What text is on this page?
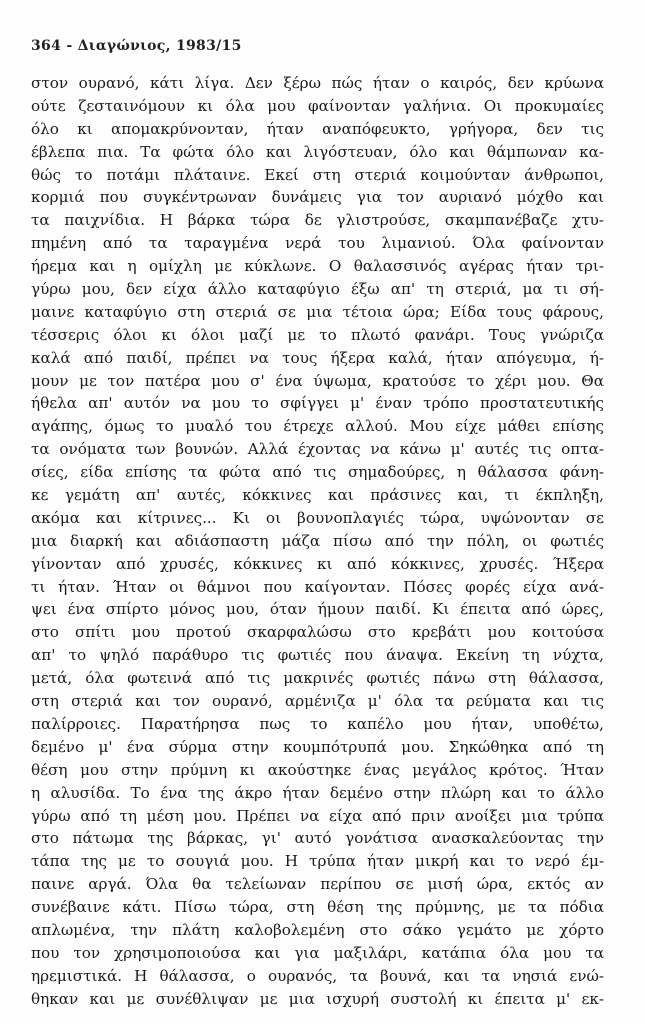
364 - Διαγώνιος, 1983/15
στον ουρανό, κάτι λίγα. Δεν ξέρω πώς ήταν ο καιρός, δεν κρύωνα
ούτε ζεσταινόμουν κι όλα μου φαίνονταν γαλήνια. Οι προκυμαίες
όλο κι απομακρύνονταν, ήταν αναπόφευκτο, γρήγορα, δεν τις
έβλεπα πια. Τα φώτα όλο και λιγόστευαν, όλο και θάμπωναν κα-
θώς το ποτάμι πλάταινε. Εκεί στη στεριά κοιμούνταν άνθρωποι,
κορμιά που συγκέντρωναν δυνάμεις για τον αυριανό μόχθο και
τα παιχνίδια. Η βάρκα τώρα δε γλιστρούσε, σκαμπανέβαζε χτυ-
πημένη από τα ταραγμένα νερά του λιμανιού. Όλα φαίνονταν
ήρεμα και η ομίχλη με κύκλωνε. Ο θαλασσινός αγέρας ήταν τρι-
γύρω μου, δεν είχα άλλο καταφύγιο έξω απ' τη στεριά, μα τι σή-
μαινε καταφύγιο στη στεριά σε μια τέτοια ώρα; Είδα τους φάρους,
τέσσερις όλοι κι όλοι μαζί με το πλωτό φανάρι. Τους γνώριζα
καλά από παιδί, πρέπει να τους ήξερα καλά, ήταν απόγευμα, ή-
μουν με τον πατέρα μου σ' ένα ύψωμα, κρατούσε το χέρι μου. Θα
ήθελα απ' αυτόν να μου το σφίγγει μ' έναν τρόπο προστατευτικής
αγάπης, όμως το μυαλό του έτρεχε αλλού. Μου είχε μάθει επίσης
τα ονόματα των βουνών. Αλλά έχοντας να κάνω μ' αυτές τις οπτα-
σίες, είδα επίσης τα φώτα από τις σημαδούρες, η θάλασσα φάνη-
κε γεμάτη απ' αυτές, κόκκινες και πράσινες και, τι έκπληξη,
ακόμα και κίτρινες... Κι οι βουνοπλαγιές τώρα, υψώνονταν σε
μια διαρκή και αδιάσπαστη μάζα πίσω από την πόλη, οι φωτιές
γίνονταν από χρυσές, κόκκινες κι από κόκκινες, χρυσές. Ήξερα
τι ήταν. Ήταν οι θάμνοι που καίγονταν. Πόσες φορές είχα ανά-
ψει ένα σπίρτο μόνος μου, όταν ήμουν παιδί. Κι έπειτα από ώρες,
στο σπίτι μου προτού σκαρφαλώσω στο κρεβάτι μου κοιτούσα
απ' το ψηλό παράθυρο τις φωτιές που άναψα. Εκείνη τη νύχτα,
μετά, όλα φωτεινά από τις μακρινές φωτιές πάνω στη θάλασσα,
στη στεριά και τον ουρανό, αρμένιζα μ' όλα τα ρεύματα και τις
παλίρροιες. Παρατήρησα πως το καπέλο μου ήταν, υποθέτω,
δεμένο μ' ένα σύρμα στην κουμπότρυπά μου. Σηκώθηκα από τη
θέση μου στην πρύμνη κι ακούστηκε ένας μεγάλος κρότος. Ήταν
η αλυσίδα. Το ένα της άκρο ήταν δεμένο στην πλώρη και το άλλο
γύρω από τη μέση μου. Πρέπει να είχα από πριν ανοίξει μια τρύπα
στο πάτωμα της βάρκας, γι' αυτό γονάτισα ανασκαλεύοντας την
τάπα της με το σουγιά μου. Η τρύπα ήταν μικρή και το νερό έμ-
παινε αργά. Όλα θα τελείωναν περίπου σε μισή ώρα, εκτός αν
συνέβαινε κάτι. Πίσω τώρα, στη θέση της πρύμνης, με τα πόδια
απλωμένα, την πλάτη καλοβολεμένη στο σάκο γεμάτο με χόρτο
που τον χρησιμοποιούσα και για μαξιλάρι, κατάπια όλα μου τα
ηρεμιστικά. Η θάλασσα, ο ουρανός, τα βουνά, και τα νησιά ενώ-
θηκαν και με συνέθλιψαν με μια ισχυρή συστολή κι έπειτα μ' εκ-
